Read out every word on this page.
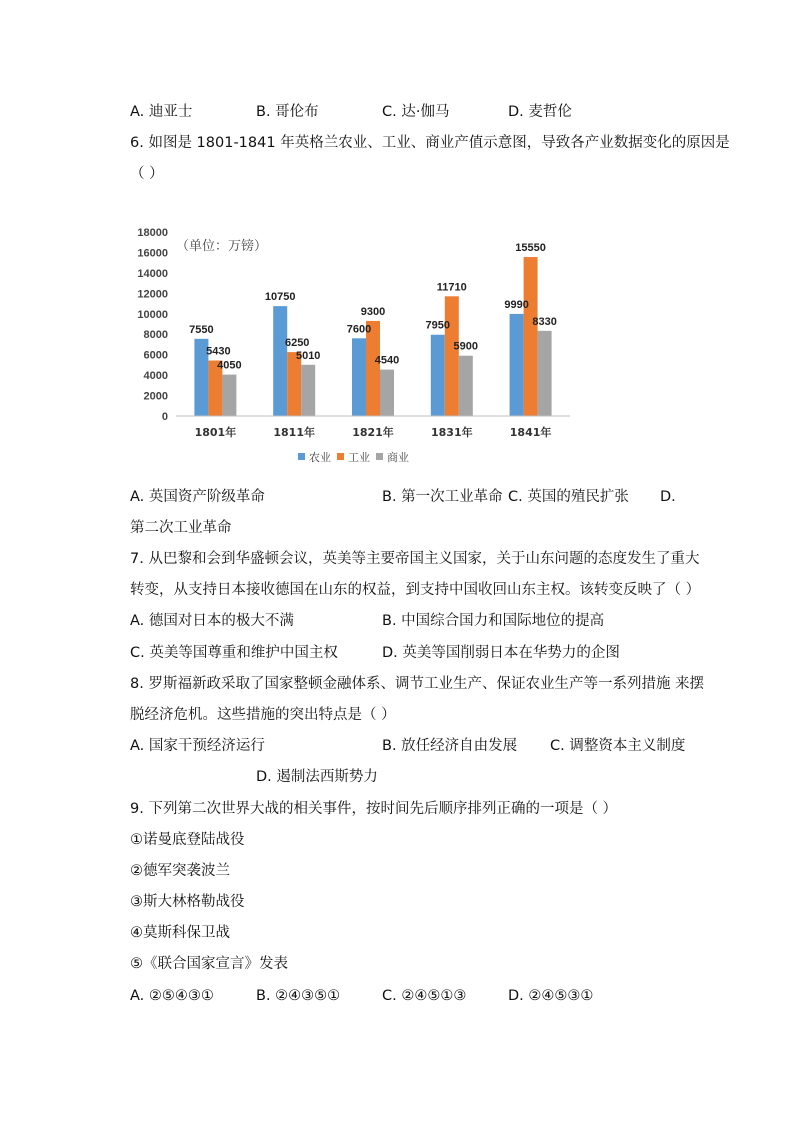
A. 迪亚士	B. 哥伦布	C. 达·伽马	D. 麦哲伦
6. 如图是 1801-1841 年英格兰农业、工业、商业产值示意图，导致各产业数据变化的原因是
（ ）
0
2000
4000
6000
8000
10000
12000
14000
16000
18000
7550
5430
4050
10750
6250
5010
7600
9300
4540
7950
11710
5900
9990
15550
8330
1801年	1811年	1821年	1831年	1841年
（单位：万镑）
农业 工业 商业
A. 英国资产阶级革命	B. 第一次工业革命 C. 英国的殖民扩张 D.
第二次工业革命
7. 从巴黎和会到华盛顿会议，英美等主要帝国主义国家，关于山东问题的态度发生了重大
转变，从支持日本接收德国在山东的权益，到支持中国收回山东主权。该转变反映了（ ）
A. 德国对日本的极大不满	B. 中国综合国力和国际地位的提高
C. 英美等国尊重和维护中国主权	D. 英美等国削弱日本在华势力的企图
8. 罗斯福新政采取了国家整顿金融体系、调节工业生产、保证农业生产等一系列措施 来摆
脱经济危机。这些措施的突出特点是（ ）
A. 国家干预经济运行	B. 放任经济自由发展 C. 调整资本主义制度
D. 遏制法西斯势力
9. 下列第二次世界大战的相关事件，按时间先后顺序排列正确的一项是（ ）
①诺曼底登陆战役
②德军突袭波兰
③斯大林格勒战役
④莫斯科保卫战
⑤《联合国家宣言》发表
A. ②⑤④③①	B. ②④③⑤①	C. ②④⑤①③	D. ②④⑤③①
